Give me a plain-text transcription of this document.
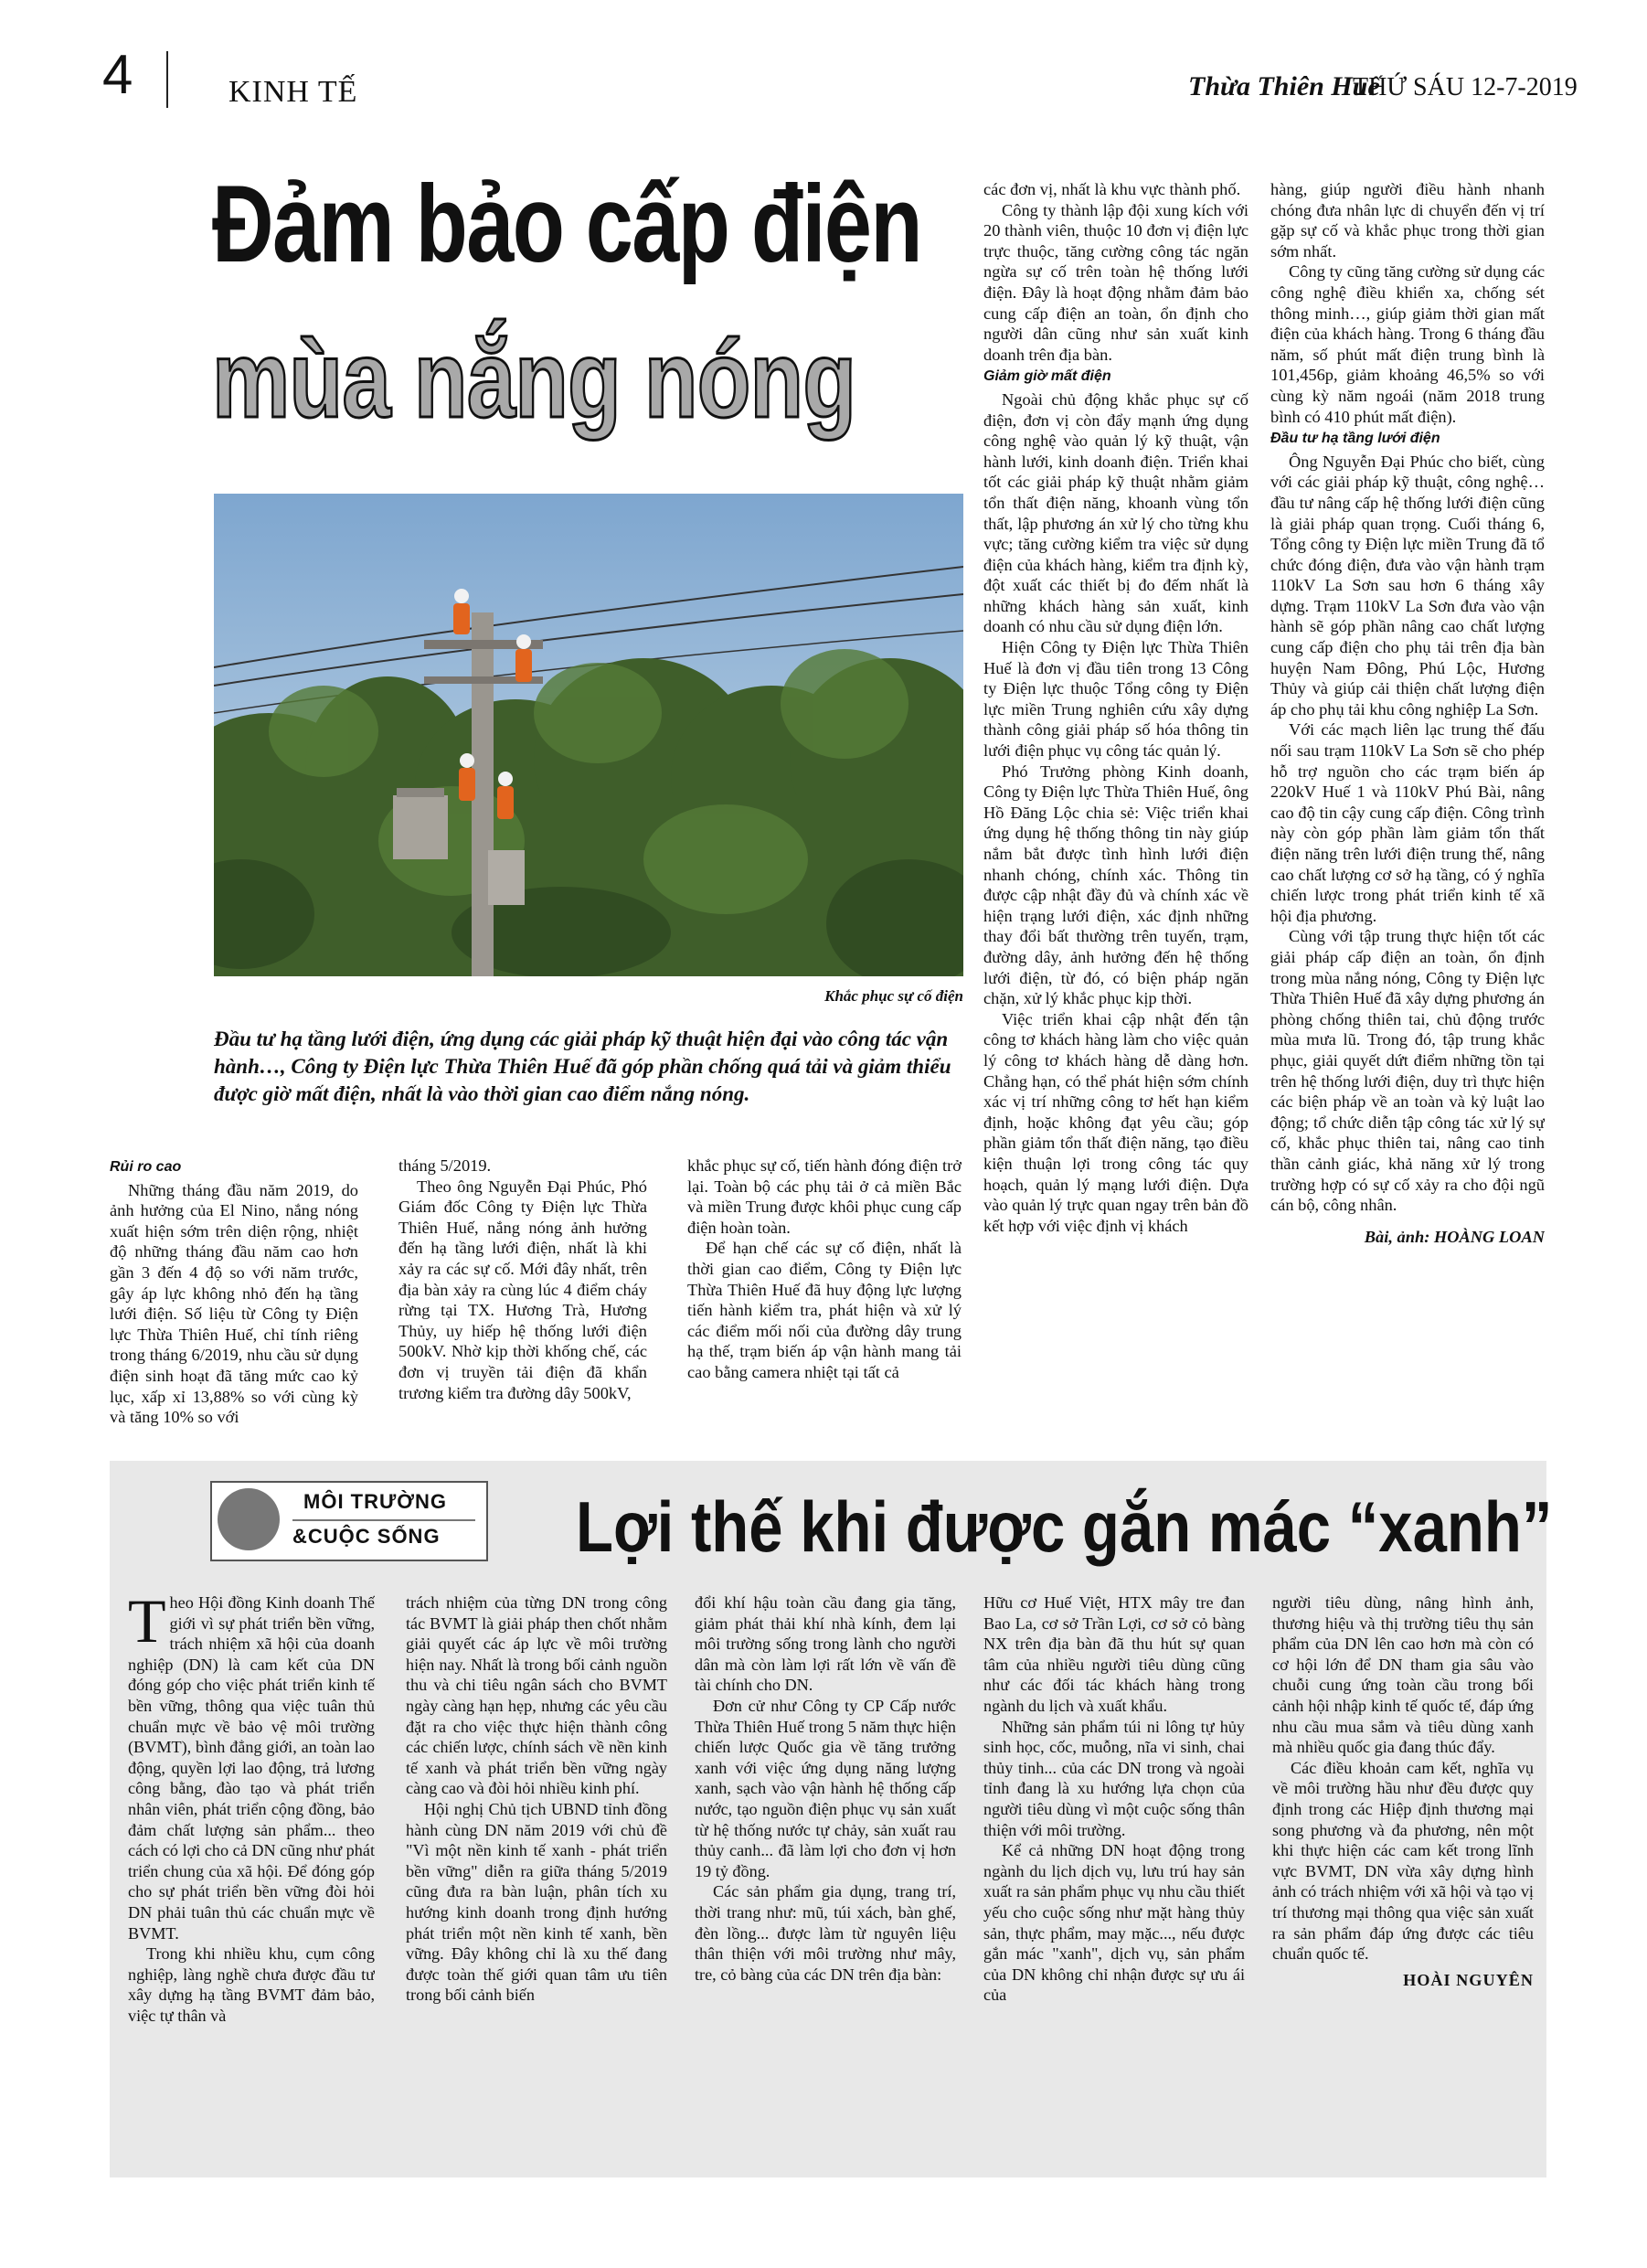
4	KINH TẾ	Thừa Thiên Huế
THỨ SÁU 12-7-2019
Đảm bảo cấp điện
mùa nắng nóng
Khắc phục sự cố điện
Đầu tư hạ tầng lưới điện, ứng dụng các giải pháp kỹ thuật hiện đại vào công tác vận hành…, Công ty Điện lực Thừa Thiên Huế đã góp phần chống quá tải và giảm thiểu được giờ mất điện, nhất là vào thời gian cao điểm nắng nóng.
Rủi ro cao

Những tháng đầu năm 2019, do ảnh hưởng của El Nino, nắng nóng xuất hiện sớm trên diện rộng, nhiệt độ những tháng đầu năm cao hơn gần 3 đến 4 độ so với năm trước, gây áp lực không nhỏ đến hạ tầng lưới điện. Số liệu từ Công ty Điện lực Thừa Thiên Huế, chỉ tính riêng trong tháng 6/2019, nhu cầu sử dụng điện sinh hoạt đã tăng mức cao kỷ lục, xấp xỉ 13,88% so với cùng kỳ và tăng 10% so với

tháng 5/2019.

Theo ông Nguyễn Đại Phúc, Phó Giám đốc Công ty Điện lực Thừa Thiên Huế, nắng nóng ảnh hưởng đến hạ tầng lưới điện, nhất là khi xảy ra các sự cố. Mới đây nhất, trên địa bàn xảy ra cùng lúc 4 điểm cháy rừng tại TX. Hương Trà, Hương Thủy, uy hiếp hệ thống lưới điện 500kV. Nhờ kịp thời khống chế, các đơn vị truyền tải điện đã khẩn trương kiểm tra đường dây 500kV,

khắc phục sự cố, tiến hành đóng điện trở lại. Toàn bộ các phụ tải ở cả miền Bắc và miền Trung được khôi phục cung cấp điện hoàn toàn.

Để hạn chế các sự cố điện, nhất là thời gian cao điểm, Công ty Điện lực Thừa Thiên Huế đã huy động lực lượng tiến hành kiểm tra, phát hiện và xử lý các điểm mối nối của đường dây trung hạ thế, trạm biến áp vận hành mang tải cao bằng camera nhiệt tại tất cả

các đơn vị, nhất là khu vực thành phố.

Công ty thành lập đội xung kích với 20 thành viên, thuộc 10 đơn vị điện lực trực thuộc, tăng cường công tác ngăn ngừa sự cố trên toàn hệ thống lưới điện. Đây là hoạt động nhằm đảm bảo cung cấp điện an toàn, ổn định cho người dân cũng như sản xuất kinh doanh trên địa bàn.

Giảm giờ mất điện

Ngoài chủ động khắc phục sự cố điện, đơn vị còn đẩy mạnh ứng dụng công nghệ vào quản lý kỹ thuật, vận hành lưới, kinh doanh điện. Triển khai tốt các giải pháp kỹ thuật nhằm giảm tổn thất điện năng, khoanh vùng tổn thất, lập phương án xử lý cho từng khu vực; tăng cường kiểm tra việc sử dụng điện của khách hàng, kiểm tra định kỳ, đột xuất các thiết bị đo đếm nhất là những khách hàng sản xuất, kinh doanh có nhu cầu sử dụng điện lớn.

Hiện Công ty Điện lực Thừa Thiên Huế là đơn vị đầu tiên trong 13 Công ty Điện lực thuộc Tổng công ty Điện lực miền Trung nghiên cứu xây dựng thành công giải pháp số hóa thông tin lưới điện phục vụ công tác quản lý.

Phó Trưởng phòng Kinh doanh, Công ty Điện lực Thừa Thiên Huế, ông Hồ Đăng Lộc chia sẻ: Việc triển khai ứng dụng hệ thống thông tin này giúp nắm bắt được tình hình lưới điện nhanh chóng, chính xác. Thông tin được cập nhật đầy đủ và chính xác về hiện trạng lưới điện, xác định những thay đổi bất thường trên tuyến, trạm, đường dây, ảnh hưởng đến hệ thống lưới điện, từ đó, có biện pháp ngăn chặn, xử lý khắc phục kịp thời.

Việc triển khai cập nhật đến tận công tơ khách hàng làm cho việc quản lý công tơ khách hàng dễ dàng hơn. Chẳng hạn, có thể phát hiện sớm chính xác vị trí những công tơ hết hạn kiểm định, hoặc không đạt yêu cầu; góp phần giảm tổn thất điện năng, tạo điều kiện thuận lợi trong công tác quy hoạch, quản lý mạng lưới điện. Dựa vào quản lý trực quan ngay trên bản đồ kết hợp với việc định vị khách

hàng, giúp người điều hành nhanh chóng đưa nhân lực di chuyển đến vị trí gặp sự cố và khắc phục trong thời gian sớm nhất.

Công ty cũng tăng cường sử dụng các công nghệ điều khiển xa, chống sét thông minh…, giúp giảm thời gian mất điện của khách hàng. Trong 6 tháng đầu năm, số phút mất điện trung bình là 101,456p, giảm khoảng 46,5% so với cùng kỳ năm ngoái (năm 2018 trung bình có 410 phút mất điện).

Đầu tư hạ tầng lưới điện

Ông Nguyễn Đại Phúc cho biết, cùng với các giải pháp kỹ thuật, công nghệ… đầu tư nâng cấp hệ thống lưới điện cũng là giải pháp quan trọng. Cuối tháng 6, Tổng công ty Điện lực miền Trung đã tổ chức đóng điện, đưa vào vận hành trạm 110kV La Sơn sau hơn 6 tháng xây dựng. Trạm 110kV La Sơn đưa vào vận hành sẽ góp phần nâng cao chất lượng cung cấp điện cho phụ tải trên địa bàn huyện Nam Đông, Phú Lộc, Hương Thủy và giúp cải thiện chất lượng điện áp cho phụ tải khu công nghiệp La Sơn.

Với các mạch liên lạc trung thế đấu nối sau trạm 110kV La Sơn sẽ cho phép hỗ trợ nguồn cho các trạm biến áp 220kV Huế 1 và 110kV Phú Bài, nâng cao độ tin cậy cung cấp điện. Công trình này còn góp phần làm giảm tổn thất điện năng trên lưới điện trung thế, nâng cao chất lượng cơ sở hạ tầng, có ý nghĩa chiến lược trong phát triển kinh tế xã hội địa phương.

Cùng với tập trung thực hiện tốt các giải pháp cấp điện an toàn, ổn định trong mùa nắng nóng, Công ty Điện lực Thừa Thiên Huế đã xây dựng phương án phòng chống thiên tai, chủ động trước mùa mưa lũ. Trong đó, tập trung khắc phục, giải quyết dứt điểm những tồn tại trên hệ thống lưới điện, duy trì thực hiện các biện pháp về an toàn và kỷ luật lao động; tổ chức diễn tập công tác xử lý sự cố, khắc phục thiên tai, nâng cao tinh thần cảnh giác, khả năng xử lý trong trường hợp có sự cố xảy ra cho đội ngũ cán bộ, công nhân.

Bài, ảnh: HOÀNG LOAN

MÔI TRƯỜNG
&CUỘC SỐNG Lợi thế khi được gắn mác “xanh”

Theo Hội đồng Kinh doanh Thế giới vì sự phát triển bền vững, trách nhiệm xã hội của doanh nghiệp (DN) là cam kết của DN đóng góp cho việc phát triển kinh tế bền vững, thông qua việc tuân thủ chuẩn mực về bảo vệ môi trường (BVMT), bình đẳng giới, an toàn lao động, quyền lợi lao động, trả lương công bằng, đào tạo và phát triển nhân viên, phát triển cộng đồng, bảo đảm chất lượng sản phẩm... theo cách có lợi cho cả DN cũng như phát triển chung của xã hội. Để đóng góp cho sự phát triển bền vững đòi hỏi DN phải tuân thủ các chuẩn mực về BVMT.

Trong khi nhiều khu, cụm công nghiệp, làng nghề chưa được đầu tư xây dựng hạ tầng BVMT đảm bảo, việc tự thân và

trách nhiệm của từng DN trong công tác BVMT là giải pháp then chốt nhằm giải quyết các áp lực về môi trường hiện nay. Nhất là trong bối cảnh nguồn thu và chi tiêu ngân sách cho BVMT ngày càng hạn hẹp, nhưng các yêu cầu đặt ra cho việc thực hiện thành công các chiến lược, chính sách về nền kinh tế xanh và phát triển bền vững ngày càng cao và đòi hỏi nhiều kinh phí.

Hội nghị Chủ tịch UBND tỉnh đồng hành cùng DN năm 2019 với chủ đề "Vì một nền kinh tế xanh - phát triển bền vững" diễn ra giữa tháng 5/2019 cũng đưa ra bàn luận, phân tích xu hướng kinh doanh trong định hướng phát triển một nền kinh tế xanh, bền vững. Đây không chỉ là xu thế đang được toàn thế giới quan tâm ưu tiên trong bối cảnh biến

đổi khí hậu toàn cầu đang gia tăng, giảm phát thải khí nhà kính, đem lại môi trường sống trong lành cho người dân mà còn làm lợi rất lớn về vấn đề tài chính cho DN.

Đơn cử như Công ty CP Cấp nước Thừa Thiên Huế trong 5 năm thực hiện chiến lược Quốc gia về tăng trưởng xanh với việc ứng dụng năng lượng xanh, sạch vào vận hành hệ thống cấp nước, tạo nguồn điện phục vụ sản xuất từ hệ thống nước tự chảy, sản xuất rau thủy canh... đã làm lợi cho đơn vị hơn 19 tỷ đồng.

Các sản phẩm gia dụng, trang trí, thời trang như: mũ, túi xách, bàn ghế, đèn lồng... được làm từ nguyên liệu thân thiện với môi trường như mây, tre, cỏ bàng của các DN trên địa bàn:

Hữu cơ Huế Việt, HTX mây tre đan Bao La, cơ sở Trần Lợi, cơ sở cỏ bàng NX trên địa bàn đã thu hút sự quan tâm của nhiều người tiêu dùng cũng như các đối tác khách hàng trong ngành du lịch và xuất khẩu.

Những sản phẩm túi ni lông tự hủy sinh học, cốc, muỗng, nĩa vi sinh, chai thủy tinh... của các DN trong và ngoài tỉnh đang là xu hướng lựa chọn của người tiêu dùng vì một cuộc sống thân thiện với môi trường.

Kể cả những DN hoạt động trong ngành du lịch dịch vụ, lưu trú hay sản xuất ra sản phẩm phục vụ nhu cầu thiết yếu cho cuộc sống như mặt hàng thủy sản, thực phẩm, may mặc..., nếu được gắn mác "xanh", dịch vụ, sản phẩm của DN không chỉ nhận được sự ưu ái của

người tiêu dùng, nâng hình ảnh, thương hiệu và thị trường tiêu thụ sản phẩm của DN lên cao hơn mà còn có cơ hội lớn để DN tham gia sâu vào chuỗi cung ứng toàn cầu trong bối cảnh hội nhập kinh tế quốc tế, đáp ứng nhu cầu mua sắm và tiêu dùng xanh mà nhiều quốc gia đang thúc đẩy.

Các điều khoản cam kết, nghĩa vụ về môi trường hầu như đều được quy định trong các Hiệp định thương mại song phương và đa phương, nên một khi thực hiện các cam kết trong lĩnh vực BVMT, DN vừa xây dựng hình ảnh có trách nhiệm với xã hội và tạo vị trí thương mại thông qua việc sản xuất ra sản phẩm đáp ứng được các tiêu chuẩn quốc tế.

HOÀI NGUYÊN
